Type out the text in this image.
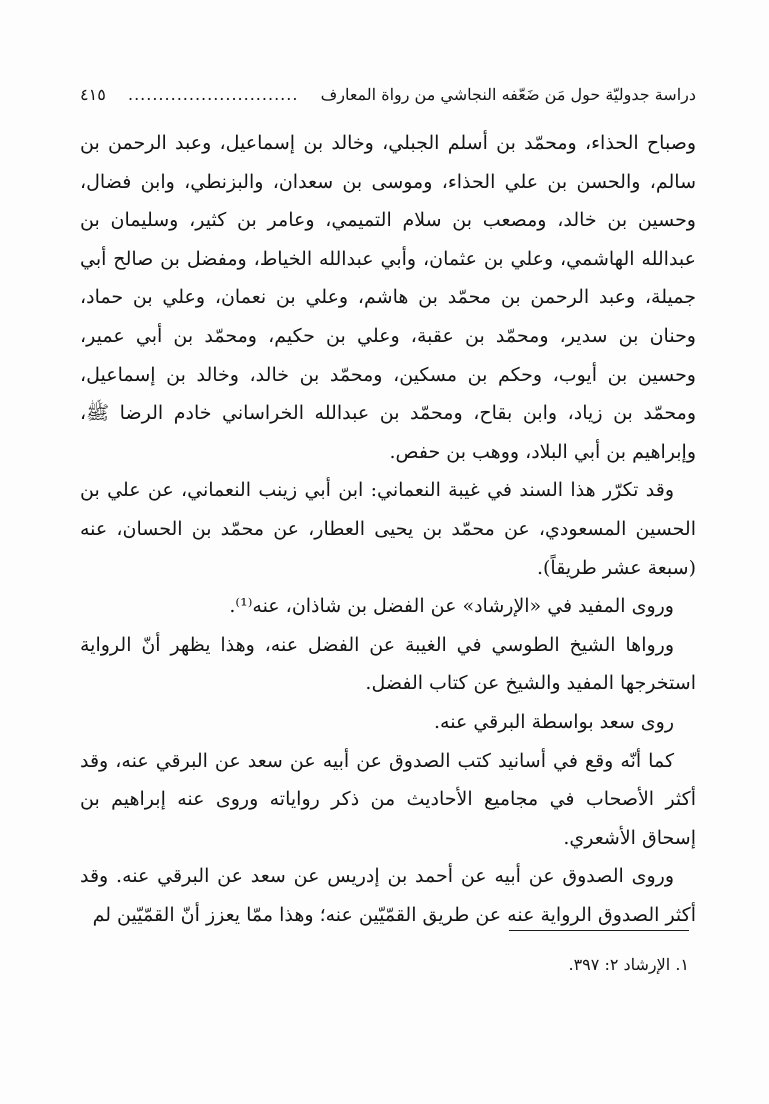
دراسة جدوليّة حول مَن ضَعّفه النجاشي من رواة المعارف
............................
٤١٥

وصباح الحذاء، ومحمّد بن أسلم الجبلي، وخالد بن إسماعيل، وعبد الرحمن بن سالم، والحسن بن علي الحذاء، وموسى بن سعدان، والبزنطي، وابن فضال، وحسين بن خالد، ومصعب بن سلام التميمي، وعامر بن كثير، وسليمان بن عبدالله الهاشمي، وعلي بن عثمان، وأبي عبدالله الخياط، ومفضل بن صالح أبي جميلة، وعبد الرحمن بن محمّد بن هاشم، وعلي بن نعمان، وعلي بن حماد، وحنان بن سدير، ومحمّد بن عقبة، وعلي بن حكيم، ومحمّد بن أبي عمير، وحسين بن أيوب، وحكم بن مسكين، ومحمّد بن خالد، وخالد بن إسماعيل، ومحمّد بن زياد، وابن بقاح، ومحمّد بن عبدالله الخراساني خادم الرضا ﷺ، وإبراهيم بن أبي البلاد، ووهب بن حفص.

وقد تكرّر هذا السند في غيبة النعماني: ابن أبي زينب النعماني، عن علي بن الحسين المسعودي، عن محمّد بن يحيى العطار، عن محمّد بن الحسان، عنه (سبعة عشر طريقاً).

وروى المفيد في «الإرشاد» عن الفضل بن شاذان، عنه⁽¹⁾.

ورواها الشيخ الطوسي في الغيبة عن الفضل عنه، وهذا يظهر أنّ الرواية استخرجها المفيد والشيخ عن كتاب الفضل.

روى سعد بواسطة البرقي عنه.

كما أنّه وقع في أسانيد كتب الصدوق عن أبيه عن سعد عن البرقي عنه، وقد أكثر الأصحاب في مجاميع الأحاديث من ذكر رواياته وروى عنه إبراهيم بن إسحاق الأشعري.

وروى الصدوق عن أبيه عن أحمد بن إدريس عن سعد عن البرقي عنه. وقد أكثر الصدوق الرواية عنه عن طريق القمّيّين عنه؛ وهذا ممّا يعزز أنّ القمّيّين لم

١. الإرشاد ٢: ٣٩٧.
